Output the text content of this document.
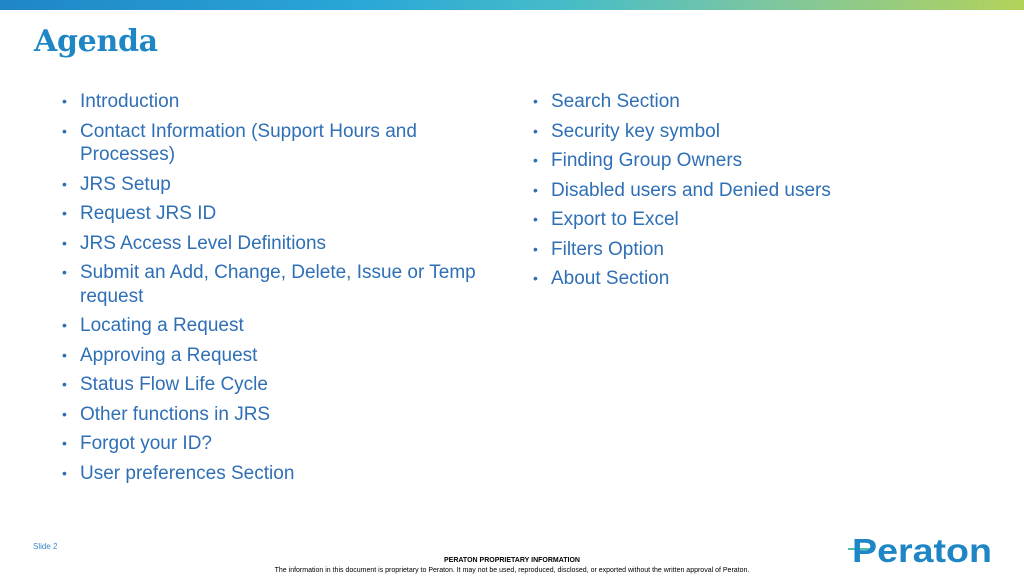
Agenda
• Introduction
• Contact Information (Support Hours and Processes)
• JRS Setup
• Request JRS ID
• JRS Access Level Definitions
• Submit an Add, Change, Delete, Issue or Temp request
• Locating a Request
• Approving a Request
• Status Flow Life Cycle
• Other functions in JRS
• Forgot your ID?
• User preferences Section
• Search Section
• Security key symbol
• Finding Group Owners
• Disabled users and Denied users
• Export to Excel
• Filters Option
• About Section
Slide 2
PERATON PROPRIETARY INFORMATION
The information in this document is proprietary to Peraton. It may not be used, reproduced, disclosed, or exported without the written approval of Peraton.
Peraton
